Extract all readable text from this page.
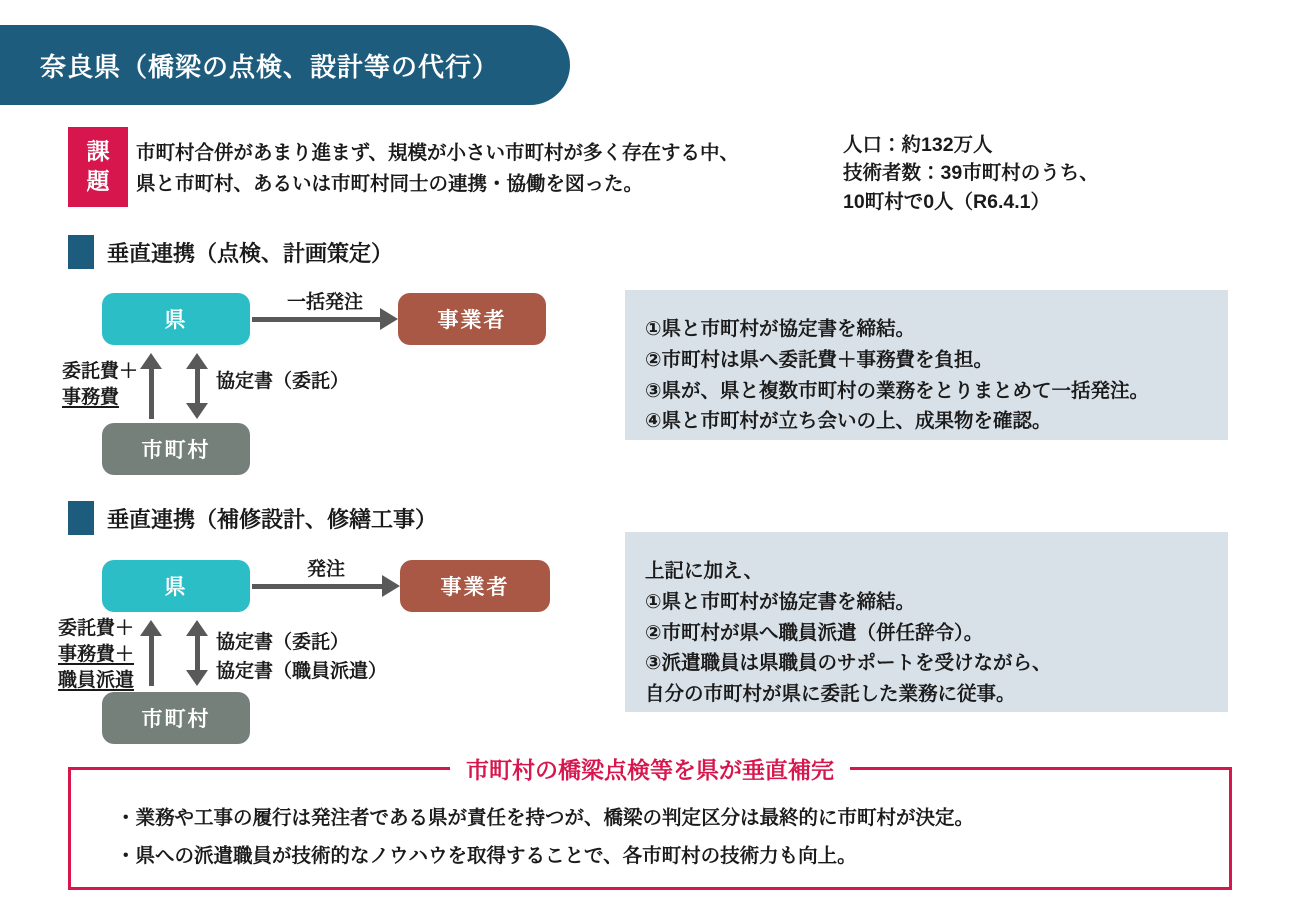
奈良県（橋梁の点検、設計等の代行）
課
題
市町村合併があまり進まず、規模が小さい市町村が多く存在する中、
県と市町村、あるいは市町村同士の連携・協働を図った。
人口：約132万人
技術者数：39市町村のうち、
10町村で0人（R6.4.1）
垂直連携（点検、計画策定）
県	事業者
一括発注
委託費＋
事務費
協定書（委託）
市町村
①県と市町村が協定書を締結。
②市町村は県へ委託費＋事務費を負担。
③県が、県と複数市町村の業務をとりまとめて一括発注。
④県と市町村が立ち会いの上、成果物を確認。
垂直連携（補修設計、修繕工事）
県	事業者
発注
委託費＋
事務費＋
職員派遣
協定書（委託）
協定書（職員派遣）
市町村
上記に加え、
①県と市町村が協定書を締結。
②市町村が県へ職員派遣（併任辞令）。
③派遣職員は県職員のサポートを受けながら、
自分の市町村が県に委託した業務に従事。
市町村の橋梁点検等を県が垂直補完
・業務や工事の履行は発注者である県が責任を持つが、橋梁の判定区分は最終的に市町村が決定。
・県への派遣職員が技術的なノウハウを取得することで、各市町村の技術力も向上。
